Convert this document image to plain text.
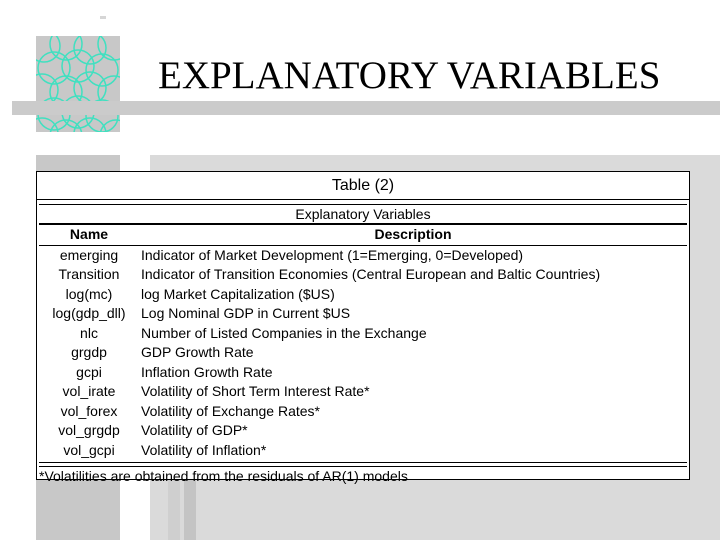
EXPLANATORY VARIABLES
Table (2)
Explanatory Variables
Name	Description
emerging	Indicator of Market Development (1=Emerging, 0=Developed)
Transition	Indicator of Transition Economies (Central European and Baltic Countries)
log(mc)	log Market Capitalization ($US)
log(gdp_dll)	Log Nominal GDP in Current $US
nlc	Number of Listed Companies in the Exchange
grgdp	GDP Growth Rate
gcpi	Inflation Growth Rate
vol_irate	Volatility of Short Term Interest Rate*
vol_forex	Volatility of Exchange Rates*
vol_grgdp	Volatility of GDP*
vol_gcpi	Volatility of Inflation*
*Volatilities are obtained from the residuals of AR(1) models
